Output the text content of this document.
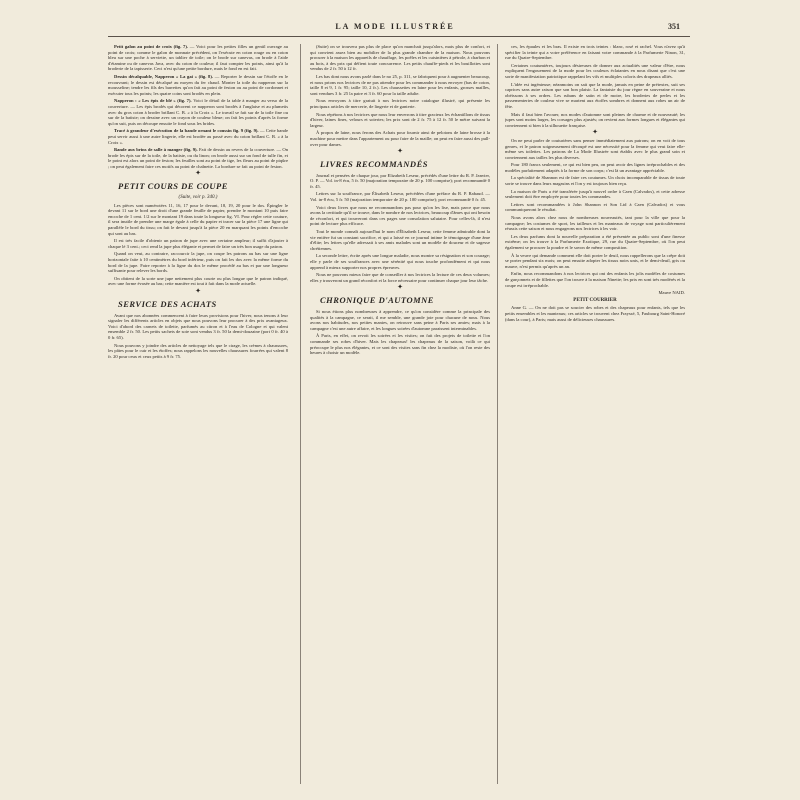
LA MODE ILLUSTRÉE	351

Petit galon au point de croix (fig. 7). — Voici pour les petites filles un gentil ouvrage au point de croix; comme le galon de monnaie précédent, on l'exécute en coton rouge ou en coton bleu sur une poche à serviette, un tablier de toile; on le brode sur canevas, on brode à l'aide d'étamine ou de canevas Java, avec du coton de couleur; il faut compter les points, ainsi qu'à la broderie de la tapisserie. Ceci n'est qu'une petite bordure, mais le fond en est fait.

Dessin décalquable, Napperon « La gai » (fig. 8). — Reporter le dessin sur l'étoffe en le recouvrant; le dessin est décalqué au moyen du fer chaud. Monter la toile du napperon sur la mousseline; tendre les fils des barrettes qu'on fait au point de feston ou au point de cordonnet et exécuter tous les points; les quatre coins sont brodés en plein.

Napperon : « Les épis de blé » (fig. 7). Voici le détail de la table à manger au verso de la couverture. — Les épis brodés qui décorent ce napperon sont brodés à l'anglaise et au plumetis avec du gros coton à broder brillant C. B. « à la Croix ». Le travail se fait sur de la toile fine ou sur de la batiste; on dessine avec un crayon de couleur bleue; on fait les points d'après la forme qu'on suit, puis on découpe ensuite le fond sous les brides.

Tracé à grandeur d'exécution de la bande ornant le coussin fig. 9 (fig. 9). — Cette bande peut servir aussi à une autre lingerie, elle est brodée au passé avec du coton brillant C. B. « à la Croix ».

Bande aux brins de salle à manger (fig. 9). Fait de dessin au revers de la couverture. — On brode les épis sur de la toile, de la batiste, ou du linon; on brode aussi sur un fond de tulle fin, et le point est alors un point de feston; les feuilles sont au point de tige, les fleurs au point de piqûre ; on peut également faire ces motifs au point de chaînette. La bordure se fait au point de feston.

✦
PETIT COURS DE COUPE
(Suite, voir p. 340.)

Les pièces sont numérotées 11, 16, 17 pour le devant, 18, 19, 20 pour le dos. Épingler le devant 11 sur le bord une droit d'une grande feuille de papier, prendre le montant 10 puis faire encoche de 1 cent. 1/2 sur le montant 19 dans toute la longueur fig. VI. Pour régler cette couture, il sera inutile de prendre une marge égale à celle du papier et tracer sur la pièce 17 une ligne qui parallèle le bord du tissu; on fait le devant jusqu'à la pièce 20 en marquant les points d'encoche qui sont au bas.

Il est très facile d'obtenir un patron de jupe avec une certaine ampleur; il suffit d'ajouter à chaque lé 3 cent.; ceci rend la jupe plus élégante et permet de faire un très bon usage du patron.

Quand on veut, au contraire, raccourcir la jupe, on coupe les patrons au bas sur une ligne horizontale faite à 10 centimètres du bord inférieur, puis on fait les dos avec la même forme du bord de la jupe. Faire reporter à la ligne du dos le même procédé au bas et par une longueur suffisante pour relever les bords.

On obtient de la sorte une jupe nettement plus courte ou plus longue que le patron indiqué, avec une forme évasée au bas; cette manière est tout à fait dans la mode actuelle.

✦
SERVICE DES ACHATS

Avant que nos abonnées commencent à faire leurs provisions pour l'hiver, nous tenons à leur signaler les différents articles en objets que nous pouvons leur procurer à des prix avantageux. Voici d'abord des carnets de toilette, parfumés au citron et à l'eau de Cologne et qui valent ensemble 2 fr. 50. Les petits sachets de soie sont vendus 3 fr. 50 la demi-douzaine (port 0 fr. 40 à 0 fr. 65).

Nous pouvons y joindre des articles de nettoyage tels que le cirage, les crèmes à chaussures, les pâtes pour le cuir et les étoffes; nous rappelons les nouvelles chaussures fourrées qui valent 8 fr. 20 pour ceux et ceux petits à 9 fr. 75.

(Suite) on se trouvera pas plus de place qu'on manchait jusqu'alors, mais plus de confort, et qui convient assez bien au mobilier de la plus grande chambre de la maison. Nous pouvons procurer à la maison les appareils de chauffage, les poêles et les cuisinières à pétrole, à charbon et au bois, à des prix qui défient toute concurrence. Les petits chauffe-pieds et les bouillottes sont vendus de 2 fr. 50 à 12 fr.

Les bas dont nous avons parlé dans le no 25, p. 311, se fabriquent pour à augmenter beaucoup, et nous prions nos lectrices de ne pas attendre pour les commander à nous envoyer (bas de coton, taille 8 et 9, 1 fr. 95; taille 10, 2 fr.). Les chaussettes en laine pour les enfants, grosses mailles, sont vendues 3 fr. 25 la paire et 3 fr. 60 pour la taille adulte.

Nous envoyons à titre gratuit à nos lectrices notre catalogue illustré, qui présente les principaux articles de mercerie, de lingerie et de ganterie.

Nous répétons à nos lectrices que nous leur enverrons à titre gracieux les échantillons de tissus d'hiver, laines fines, velours et soieries; les prix sont de 2 fr. 75 à 12 fr. 50 le mètre suivant la largeur.

À propos de laine, nous ferons des Achats pour fournir ainsi de pelotons de laine brosse à la machine pour mettre dans l'appartement ou pour faire de la maille; on peut en faire aussi des pull-over pour dames.

✦
LIVRES RECOMMANDÉS

Journal et pensées de chaque jour, par Elizabeth Leseur, précédés d'une lettre du R. P. Janvier, O. P. — Vol. in-8 écu, 5 fr. 50 (majoration temporaire de 20 p. 100 comprise); port recommandé 0 fr. 45.

Lettres sur la souffrance, par Élisabeth Leseur, précédées d'une préface du R. P. Rabaud. — Vol. in-8 écu, 5 fr. 50 (majoration temporaire de 20 p. 100 comprise); port recommandé 0 fr. 45.

Voici deux livres que nous ne recommandons pas pour qu'on les lise, mais parce que nous avons la certitude qu'il se trouve, dans le nombre de nos lectrices, beaucoup d'âmes qui ont besoin de réconfort, et qui trouveront dans ces pages une consolation salutaire. Pour celles-là, il n'est point de lecture plus efficace.

Tout le monde connaît aujourd'hui le nom d'Élisabeth Leseur, cette femme admirable dont la vie entière fut un constant sacrifice, et qui a laissé en ce journal intime le témoignage d'une âme d'élite; les lettres qu'elle adressait à ses amis malades sont un modèle de douceur et de sagesse chrétiennes.

La seconde lettre, écrite après une longue maladie, nous montre sa résignation et son courage; elle y parle de ses souffrances avec une sérénité qui nous touche profondément et qui nous apprend à mieux supporter nos propres épreuves.

Nous ne pouvons mieux faire que de conseiller à nos lectrices la lecture de ces deux volumes; elles y trouveront un grand réconfort et la force nécessaire pour continuer chaque jour leur tâche.

✦
CHRONIQUE D'AUTOMNE

Si nous étions plus nombreuses à apprendre, ce qu'on considère comme la principale des qualités à la campagne, ce serait, il me semble, une grande joie pour chacune de nous. Nous avons nos habitudes, nos petites manies, on retrouve sans peine à Paris ses amies; mais à la campagne c'est une autre affaire, et les longues soirées d'automne paraissent interminables.

À Paris, en effet, on revoit les soirées et les visites; on fait des projets de toilette et l'on commande ses robes d'hiver. Mais les chapeaux! les chapeaux de la saison, voilà ce qui préoccupe le plus nos élégantes, et ce sont des visites sans fin chez la modiste, où l'on reste des heures à choisir un modèle.

ces, les épaules et les bras. Il existe en trois teintes : blanc, rosé et rachel. Vous n'avez qu'à spécifier la teinte qui a votre préférence en faisant votre commande à la Parfumerie Ninon, 31, rue du Quatre-Septembre.

Certaines coutumières, toujours désireuses de donner aux actualités une valeur d'être, nous expliquent l'engouement de la mode pour les couleurs éclatantes en nous disant que c'est une sorte de manifestation patriotique rappelant les vifs et multiples coloris des drapeaux alliés.

L'idée est ingénieuse; néanmoins on sait que la mode, jamais en peine de prétextes, suit ses caprices sans autre raison que son bon plaisir. La fantaisie du jour règne en souveraine et nous obéissons à ses ordres. Les rubans de satin et de moire, les broderies de perles et les passementeries de couleur vive se marient aux étoffes sombres et donnent aux robes un air de fête.

Mais il faut bien l'avouer, nos modes d'automne sont pleines de charme et de nouveauté; les jupes sont moins larges, les corsages plus ajustés; on revient aux formes longues et élégantes qui conviennent si bien à la silhouette française.

✦

On ne peut parler de couturières sans penser immédiatement aux patrons; on en voit de tous genres, et le patron soigneusement découpé est une nécessité pour la femme qui veut faire elle-même ses toilettes. Les patrons de La Mode Illustrée sont établis avec le plus grand soin et conviennent aux tailles les plus diverses.

Pour 180 francs seulement, ce qui est bien peu, on peut avoir des lignes irréprochables et des modèles parfaitement adaptés à la forme de son corps; c'est là un avantage appréciable.

La spécialité de Shannon est de faire ces coutumes. Un choix incomparable de tissus de toute sorte se trouve dans leurs magasins et l'on y est toujours bien reçu.

La maison de Paris a été transférée jusqu'à nouvel ordre à Caen (Calvados), et cette adresse seulement doit être employée pour toutes les commandes.

Lettres sont recommandées à John Shannon et Son Ltd à Caen (Calvados) et vous communiqueront le résultat.

Nous avons alors chez nous de nombreuses nouveautés, tant pour la ville que pour la campagne; les costumes de sport, les tailleurs et les manteaux de voyage sont particulièrement réussis cette saison et nous engageons nos lectrices à les voir.

Les deux parfums dont la nouvelle préparation a été présentée au public sont d'une finesse extrême; on les trouve à la Parfumerie Exotique, 29, rue du Quatre-Septembre, où l'on peut également se procurer la poudre et le savon de même composition.

À la veuve qui demande comment elle doit porter le deuil, nous rappellerons que la crêpe doit se porter pendant six mois; on peut ensuite adopter les tissus noirs unis, et le demi-deuil, gris ou mauve, n'est permis qu'après un an.

Enfin, nous recommandons à nos lectrices qui ont des enfants les jolis modèles de costumes de garçonnets et de fillettes que l'on trouve à la maison Ninette; les prix en sont très modérés et la coupe est irréprochable.

Mauve NAID.
PETIT COURRIER

Anne G. — On ne doit pas se soucier des robes et des chapeaux pour enfants, tels que les petits ensembles et les manteaux; ces articles se trouvent chez Frayssé, 5, Faubourg Saint-Honoré (dans la cour), à Paris; mais aussi de délicieuses chaussures.
